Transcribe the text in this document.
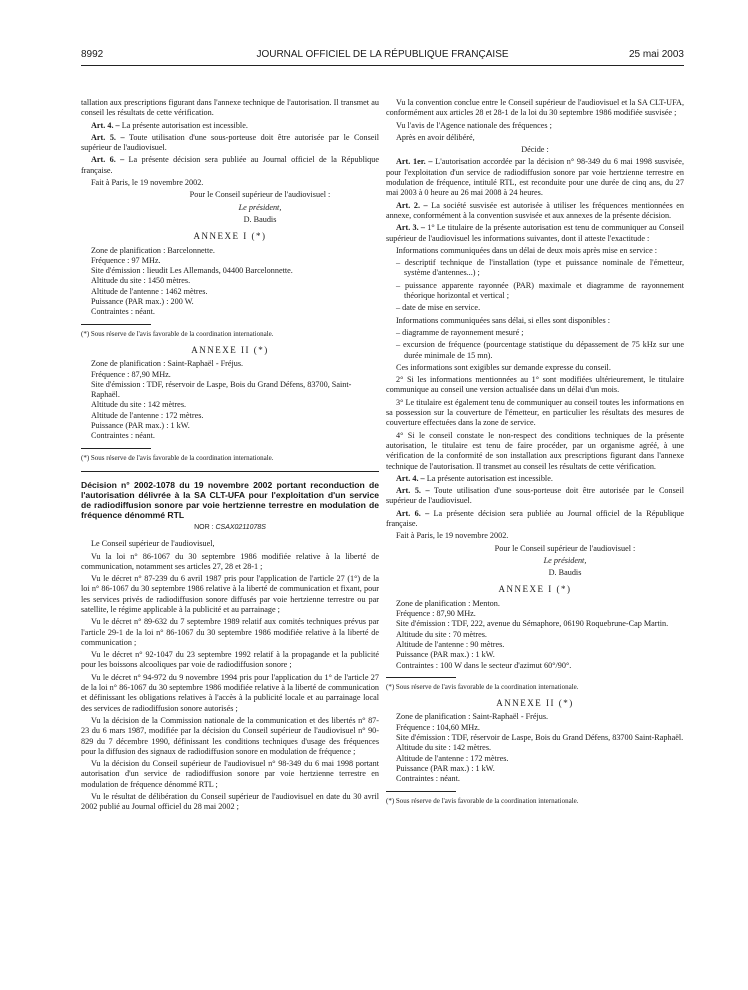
8992	JOURNAL OFFICIEL DE LA RÉPUBLIQUE FRANÇAISE	25 mai 2003

tallation aux prescriptions figurant dans l'annexe technique de l'autorisation. Il transmet au conseil les résultats de cette vérification.

Art. 4. – La présente autorisation est incessible.

Art. 5. – Toute utilisation d'une sous-porteuse doit être autorisée par le Conseil supérieur de l'audiovisuel.

Art. 6. – La présente décision sera publiée au Journal officiel de la République française.

Fait à Paris, le 19 novembre 2002.

Pour le Conseil supérieur de l'audiovisuel :

Le président,

D. Baudis

ANNEXE I (*)

Zone de planification : Barcelonnette.

Fréquence : 97 MHz.

Site d'émission : lieudit Les Allemands, 04400 Barcelonnette.

Altitude du site : 1450 mètres.

Altitude de l'antenne : 1462 mètres.

Puissance (PAR max.) : 200 W.

Contraintes : néant.

(*) Sous réserve de l'avis favorable de la coordination internationale.

ANNEXE II (*)

Zone de planification : Saint-Raphaël - Fréjus.

Fréquence : 87,90 MHz.

Site d'émission : TDF, réservoir de Laspe, Bois du Grand Défens, 83700, Saint-Raphaël.

Altitude du site : 142 mètres.

Altitude de l'antenne : 172 mètres.

Puissance (PAR max.) : 1 kW.

Contraintes : néant.

(*) Sous réserve de l'avis favorable de la coordination internationale.

Décision n° 2002-1078 du 19 novembre 2002 portant reconduction de l'autorisation délivrée à la SA CLT-UFA pour l'exploitation d'un service de radiodiffusion sonore par voie hertzienne terrestre en modulation de fréquence dénommé RTL

NOR : CSAX0211078S

Le Conseil supérieur de l'audiovisuel,

Vu la loi n° 86-1067 du 30 septembre 1986 modifiée relative à la liberté de communication, notamment ses articles 27, 28 et 28-1 ;

Vu le décret n° 87-239 du 6 avril 1987 pris pour l'application de l'article 27 (1°) de la loi n° 86-1067 du 30 septembre 1986 relative à la liberté de communication et fixant, pour les services privés de radiodiffusion sonore diffusés par voie hertzienne terrestre ou par satellite, le régime applicable à la publicité et au parrainage ;

Vu le décret n° 89-632 du 7 septembre 1989 relatif aux comités techniques prévus par l'article 29-1 de la loi n° 86-1067 du 30 septembre 1986 modifiée relative à la liberté de communication ;

Vu le décret n° 92-1047 du 23 septembre 1992 relatif à la propagande et la publicité pour les boissons alcooliques par voie de radiodiffusion sonore ;

Vu le décret n° 94-972 du 9 novembre 1994 pris pour l'application du 1° de l'article 27 de la loi n° 86-1067 du 30 septembre 1986 modifiée relative à la liberté de communication et définissant les obligations relatives à l'accès à la publicité locale et au parrainage local des services de radiodiffusion sonore autorisés ;

Vu la décision de la Commission nationale de la communication et des libertés n° 87-23 du 6 mars 1987, modifiée par la décision du Conseil supérieur de l'audiovisuel n° 90-829 du 7 décembre 1990, définissant les conditions techniques d'usage des fréquences pour la diffusion des signaux de radiodiffusion sonore en modulation de fréquence ;

Vu la décision du Conseil supérieur de l'audiovisuel n° 98-349 du 6 mai 1998 portant autorisation d'un service de radiodiffusion sonore par voie hertzienne terrestre en modulation de fréquence dénommé RTL ;

Vu le résultat de délibération du Conseil supérieur de l'audiovisuel en date du 30 avril 2002 publié au Journal officiel du 28 mai 2002 ;

Vu la convention conclue entre le Conseil supérieur de l'audiovisuel et la SA CLT-UFA, conformément aux articles 28 et 28-1 de la loi du 30 septembre 1986 modifiée susvisée ;

Vu l'avis de l'Agence nationale des fréquences ;

Après en avoir délibéré,

Décide :

Art. 1er. – L'autorisation accordée par la décision n° 98-349 du 6 mai 1998 susvisée, pour l'exploitation d'un service de radiodiffusion sonore par voie hertzienne terrestre en modulation de fréquence, intitulé RTL, est reconduite pour une durée de cinq ans, du 27 mai 2003 à 0 heure au 26 mai 2008 à 24 heures.

Art. 2. – La société susvisée est autorisée à utiliser les fréquences mentionnées en annexe, conformément à la convention susvisée et aux annexes de la présente décision.

Art. 3. – 1° Le titulaire de la présente autorisation est tenu de communiquer au Conseil supérieur de l'audiovisuel les informations suivantes, dont il atteste l'exactitude :

Informations communiquées dans un délai de deux mois après mise en service :

– descriptif technique de l'installation (type et puissance nominale de l'émetteur, système d'antennes...) ;

– puissance apparente rayonnée (PAR) maximale et diagramme de rayonnement théorique horizontal et vertical ;

– date de mise en service.

Informations communiquées sans délai, si elles sont disponibles :

– diagramme de rayonnement mesuré ;

– excursion de fréquence (pourcentage statistique du dépassement de 75 kHz sur une durée minimale de 15 mn).

Ces informations sont exigibles sur demande expresse du conseil.

2° Si les informations mentionnées au 1° sont modifiées ultérieurement, le titulaire communique au conseil une version actualisée dans un délai d'un mois.

3° Le titulaire est également tenu de communiquer au conseil toutes les informations en sa possession sur la couverture de l'émetteur, en particulier les résultats des mesures de couverture effectuées dans la zone de service.

4° Si le conseil constate le non-respect des conditions techniques de la présente autorisation, le titulaire est tenu de faire procéder, par un organisme agréé, à une vérification de la conformité de son installation aux prescriptions figurant dans l'annexe technique de l'autorisation. Il transmet au conseil les résultats de cette vérification.

Art. 4. – La présente autorisation est incessible.

Art. 5. – Toute utilisation d'une sous-porteuse doit être autorisée par le Conseil supérieur de l'audiovisuel.

Art. 6. – La présente décision sera publiée au Journal officiel de la République française.

Fait à Paris, le 19 novembre 2002.

Pour le Conseil supérieur de l'audiovisuel :

Le président,

D. Baudis

ANNEXE I (*)

Zone de planification : Menton.

Fréquence : 87,90 MHz.

Site d'émission : TDF, 222, avenue du Sémaphore, 06190 Roquebrune-Cap Martin.

Altitude du site : 70 mètres.

Altitude de l'antenne : 90 mètres.

Puissance (PAR max.) : 1 kW.

Contraintes : 100 W dans le secteur d'azimut 60°/90°.

(*) Sous réserve de l'avis favorable de la coordination internationale.

ANNEXE II (*)

Zone de planification : Saint-Raphaël - Fréjus.

Fréquence : 104,60 MHz.

Site d'émission : TDF, réservoir de Laspe, Bois du Grand Défens, 83700 Saint-Raphaël.

Altitude du site : 142 mètres.

Altitude de l'antenne : 172 mètres.

Puissance (PAR max.) : 1 kW.

Contraintes : néant.

(*) Sous réserve de l'avis favorable de la coordination internationale.
